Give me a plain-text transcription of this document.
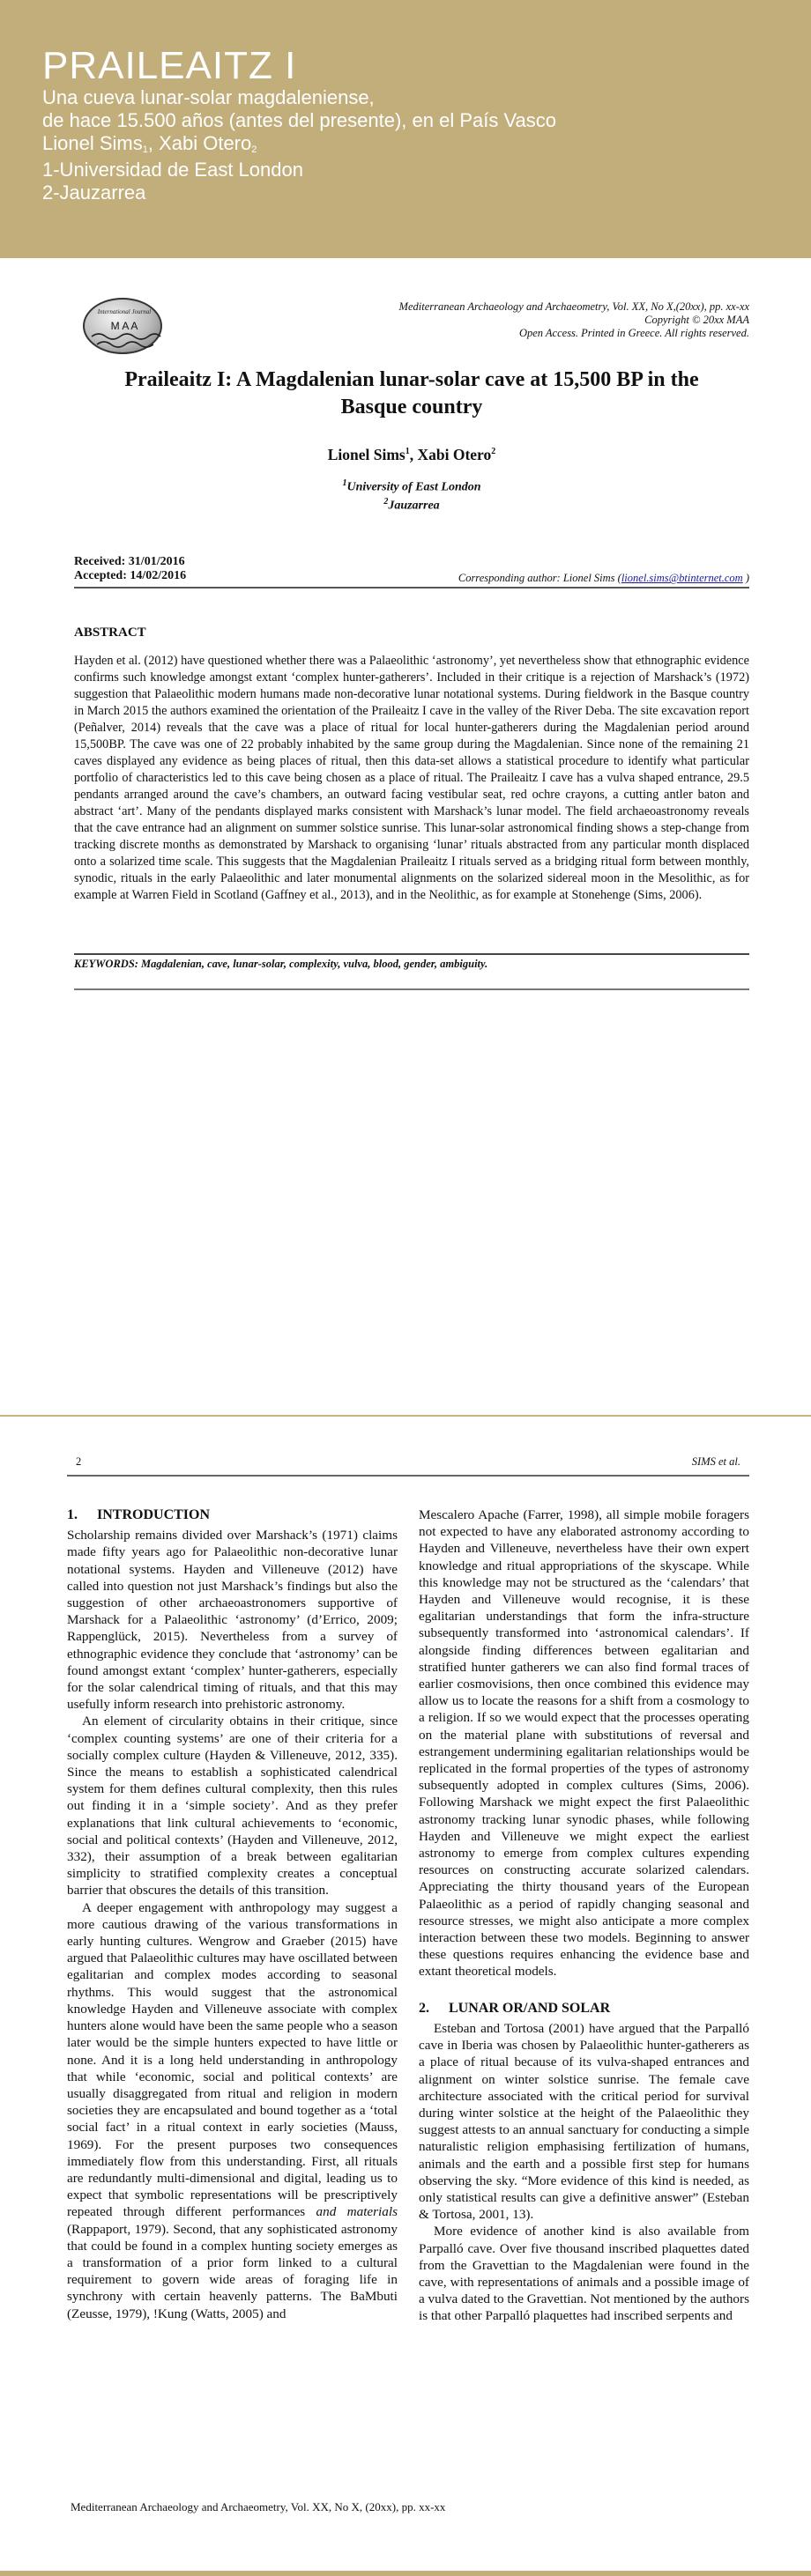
PRAILEAITZ I
Una cueva lunar-solar magdaleniense,
de hace 15.500 años (antes del presente), en el País Vasco
Lionel Sims$_1$, Xabi Otero$_2$
1-Universidad de East London
2-Jauzarrea
International Journal
M A A
Mediterranean Archaeology and Archaeometry, Vol. XX, No X,(20xx), pp. xx-xx
Copyright © 20xx MAA
Open Access. Printed in Greece. All rights reserved.
Praileaitz I: A Magdalenian lunar-solar cave at 15,500 BP in the Basque country
Lionel Sims$^1$, Xabi Otero$^2$
$^1$University of East London
$^2$Jauzarrea
Received: 31/01/2016
Accepted: 14/02/2016	Corresponding author: Lionel Sims (lionel.sims@btinternet.com )
ABSTRACT

Hayden et al. (2012) have questioned whether there was a Palaeolithic ‘astronomy’, yet nevertheless show that ethnographic evidence confirms such knowledge amongst extant ‘complex hunter-gatherers’. Included in their critique is a rejection of Marshack’s (1972) suggestion that Palaeolithic modern humans made non-decorative lunar notational systems. During fieldwork in the Basque country in March 2015 the authors examined the orientation of the Praileaitz I cave in the valley of the River Deba. The site excavation report (Peñalver, 2014) reveals that the cave was a place of ritual for local hunter-gatherers during the Magdalenian period around 15,500BP. The cave was one of 22 probably inhabited by the same group during the Magdalenian. Since none of the remaining 21 caves displayed any evidence as being places of ritual, then this data-set allows a statistical procedure to identify what particular portfolio of characteristics led to this cave being chosen as a place of ritual. The Praileaitz I cave has a vulva shaped entrance, 29.5 pendants arranged around the cave’s chambers, an outward facing vestibular seat, red ochre crayons, a cutting antler baton and abstract ‘art’. Many of the pendants displayed marks consistent with Marshack’s lunar model. The field archaeoastronomy reveals that the cave entrance had an alignment on summer solstice sunrise. This lunar-solar astronomical finding shows a step-change from tracking discrete months as demonstrated by Marshack to organising ‘lunar’ rituals abstracted from any particular month displaced onto a solarized time scale. This suggests that the Magdalenian Praileaitz I rituals served as a bridging ritual form between monthly, synodic, rituals in the early Palaeolithic and later monumental alignments on the solarized sidereal moon in the Mesolithic, as for example at Warren Field in Scotland (Gaffney et al., 2013), and in the Neolithic, as for example at Stonehenge (Sims, 2006).

KEYWORDS: Magdalenian, cave, lunar-solar, complexity, vulva, blood, gender, ambiguity.
2	SIMS et al.
1. INTRODUCTION

Scholarship remains divided over Marshack’s (1971) claims made fifty years ago for Palaeolithic non-decorative lunar notational systems. Hayden and Villeneuve (2012) have called into question not just Marshack’s findings but also the suggestion of other archaeoastronomers supportive of Marshack for a Palaeolithic ‘astronomy’ (d’Errico, 2009; Rappenglück, 2015). Nevertheless from a survey of ethnographic evidence they conclude that ‘astronomy’ can be found amongst extant ‘complex’ hunter-gatherers, especially for the solar calendrical timing of rituals, and that this may usefully inform research into prehistoric astronomy.

An element of circularity obtains in their critique, since ‘complex counting systems’ are one of their criteria for a socially complex culture (Hayden & Villeneuve, 2012, 335). Since the means to establish a sophisticated calendrical system for them defines cultural complexity, then this rules out finding it in a ‘simple society’. And as they prefer explanations that link cultural achievements to ‘economic, social and political contexts’ (Hayden and Villeneuve, 2012, 332), their assumption of a break between egalitarian simplicity to stratified complexity creates a conceptual barrier that obscures the details of this transition.

A deeper engagement with anthropology may suggest a more cautious drawing of the various transformations in early hunting cultures. Wengrow and Graeber (2015) have argued that Palaeolithic cultures may have oscillated between egalitarian and complex modes according to seasonal rhythms. This would suggest that the astronomical knowledge Hayden and Villeneuve associate with complex hunters alone would have been the same people who a season later would be the simple hunters expected to have little or none. And it is a long held understanding in anthropology that while ‘economic, social and political contexts’ are usually disaggregated from ritual and religion in modern societies they are encapsulated and bound together as a ‘total social fact’ in a ritual context in early societies (Mauss, 1969). For the present purposes two consequences immediately flow from this understanding. First, all rituals are redundantly multi-dimensional and digital, leading us to expect that symbolic representations will be prescriptively repeated through different performances and materials (Rappaport, 1979). Second, that any sophisticated astronomy that could be found in a complex hunting society emerges as a transformation of a prior form linked to a cultural requirement to govern wide areas of foraging life in synchrony with certain heavenly patterns. The BaMbuti (Zeusse, 1979), !Kung (Watts, 2005) and

Mescalero Apache (Farrer, 1998), all simple mobile foragers not expected to have any elaborated astronomy according to Hayden and Villeneuve, nevertheless have their own expert knowledge and ritual appropriations of the skyscape. While this knowledge may not be structured as the ‘calendars’ that Hayden and Villeneuve would recognise, it is these egalitarian understandings that form the infra-structure subsequently transformed into ‘astronomical calendars’. If alongside finding differences between egalitarian and stratified hunter gatherers we can also find formal traces of earlier cosmovisions, then once combined this evidence may allow us to locate the reasons for a shift from a cosmology to a religion. If so we would expect that the processes operating on the material plane with substitutions of reversal and estrangement undermining egalitarian relationships would be replicated in the formal properties of the types of astronomy subsequently adopted in complex cultures (Sims, 2006). Following Marshack we might expect the first Palaeolithic astronomy tracking lunar synodic phases, while following Hayden and Villeneuve we might expect the earliest astronomy to emerge from complex cultures expending resources on constructing accurate solarized calendars. Appreciating the thirty thousand years of the European Palaeolithic as a period of rapidly changing seasonal and resource stresses, we might also anticipate a more complex interaction between these two models. Beginning to answer these questions requires enhancing the evidence base and extant theoretical models.

2. LUNAR OR/AND SOLAR

Esteban and Tortosa (2001) have argued that the Parpalló cave in Iberia was chosen by Palaeolithic hunter-gatherers as a place of ritual because of its vulva-shaped entrances and alignment on winter solstice sunrise. The female cave architecture associated with the critical period for survival during winter solstice at the height of the Palaeolithic they suggest attests to an annual sanctuary for conducting a simple naturalistic religion emphasising fertilization of humans, animals and the earth and a possible first step for humans observing the sky. “More evidence of this kind is needed, as only statistical results can give a definitive answer” (Esteban & Tortosa, 2001, 13).

More evidence of another kind is also available from Parpalló cave. Over five thousand inscribed plaquettes dated from the Gravettian to the Magdalenian were found in the cave, with representations of animals and a possible image of a vulva dated to the Gravettian. Not mentioned by the authors is that other Parpalló plaquettes had inscribed serpents and

Mediterranean Archaeology and Archaeometry, Vol. XX, No X, (20xx), pp. xx-xx
